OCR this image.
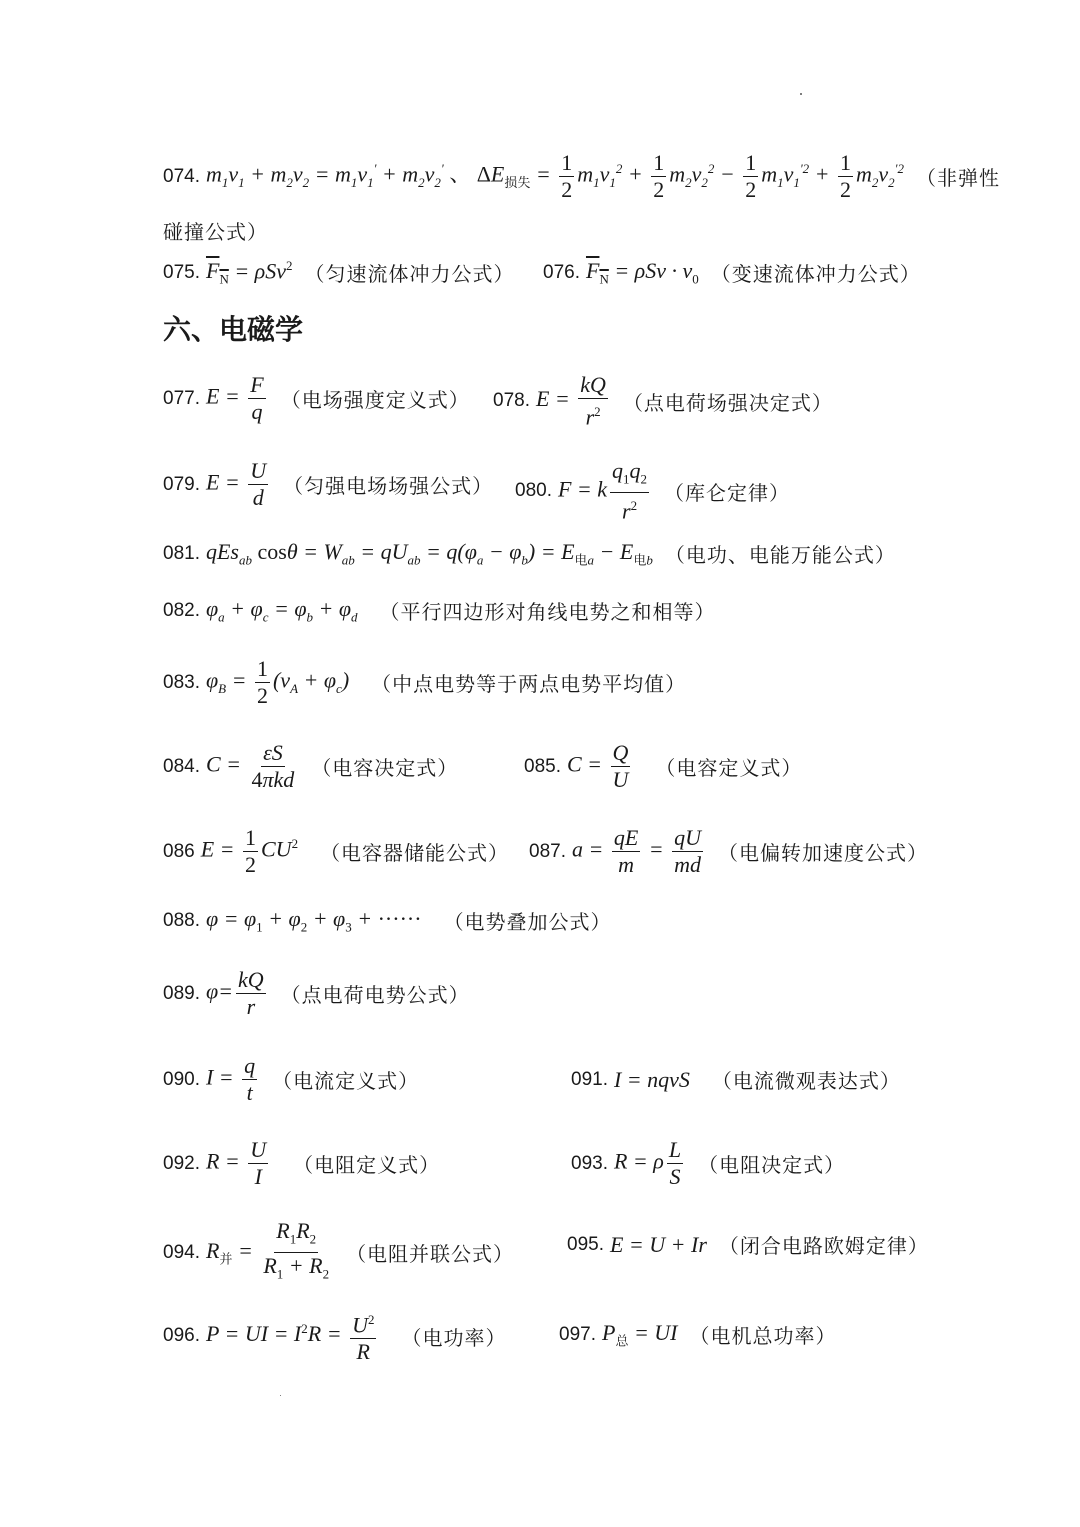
074. $m_1v_1 + m_2v_2 = m_1v_1' + m_2v_2'$ 、 $\Delta E_{损失} = \frac{1}{2} m_1v_1^2 + \frac{1}{2} m_2v_2^2 - \frac{1}{2} m_1v_1^{'2} + \frac{1}{2} m_2v_2^{'2}$ （非弹性
碰撞公式）
075. $F_N = \rho Sv^2$ （匀速流体冲力公式） 076. $F_N = \rho Sv \cdot v_0$ （变速流体冲力公式）
六、电磁学
077. $E = \frac{F}{q}$ （电场强度定义式） 078. $E = \frac{kQ}{r^2}$ （点电荷场强决定式）
079. $E = \frac{U}{d}$ （匀强电场场强公式） 080. F = k $\frac{q_1q_2}{r^2}$ （库仑定律）
081. qEs$_{ab}$ $\cos\theta = W_{ab} = qU_{ab} = q(\varphi_a - \varphi_b) = E_{电a} - E_{电b}$ （电功、电能万能公式）
082. $\varphi_a + \varphi_c = \varphi_b + \varphi_d$ （平行四边形对角线电势之和相等）
083. $\varphi_B = \frac{1}{2} (v_A + \varphi_c)$ （中点电势等于两点电势平均值）
084. $C = \frac{\varepsilon S}{\text{4πkd}}$ （电容决定式）	085. $C = \frac{Q}{U}$ （电容定义式）
086 $E = \frac{1}{2} CU^2$ （电容器储能公式） 087. $a = \frac{qE}{m} = \frac{qU}{md}$ （电偏转加速度公式）
088. $\varphi = \varphi_1 + \varphi_2 + \varphi_3$ + ······ （电势叠加公式）
089. $\varphi= \frac{kQ}{r}$ （点电荷电势公式）
090. $I = \frac{q}{t}$ （电流定义式）	091. I = nqvS （电流微观表达式）
092. $R = \frac{U}{I}$ （电阻定义式）	093. R = ρ $\frac{L}{S}$ （电阻决定式）
094. $R_并 = \frac{R_1R_2}{R_1 + R_2}$ （电阻并联公式）	095. E = U + Ir （闭合电路欧姆定律）
096. P = UI = $I^2R = \frac{U^2}{R}$ （电功率）	097. $P_总$ = UI （电机总功率）
